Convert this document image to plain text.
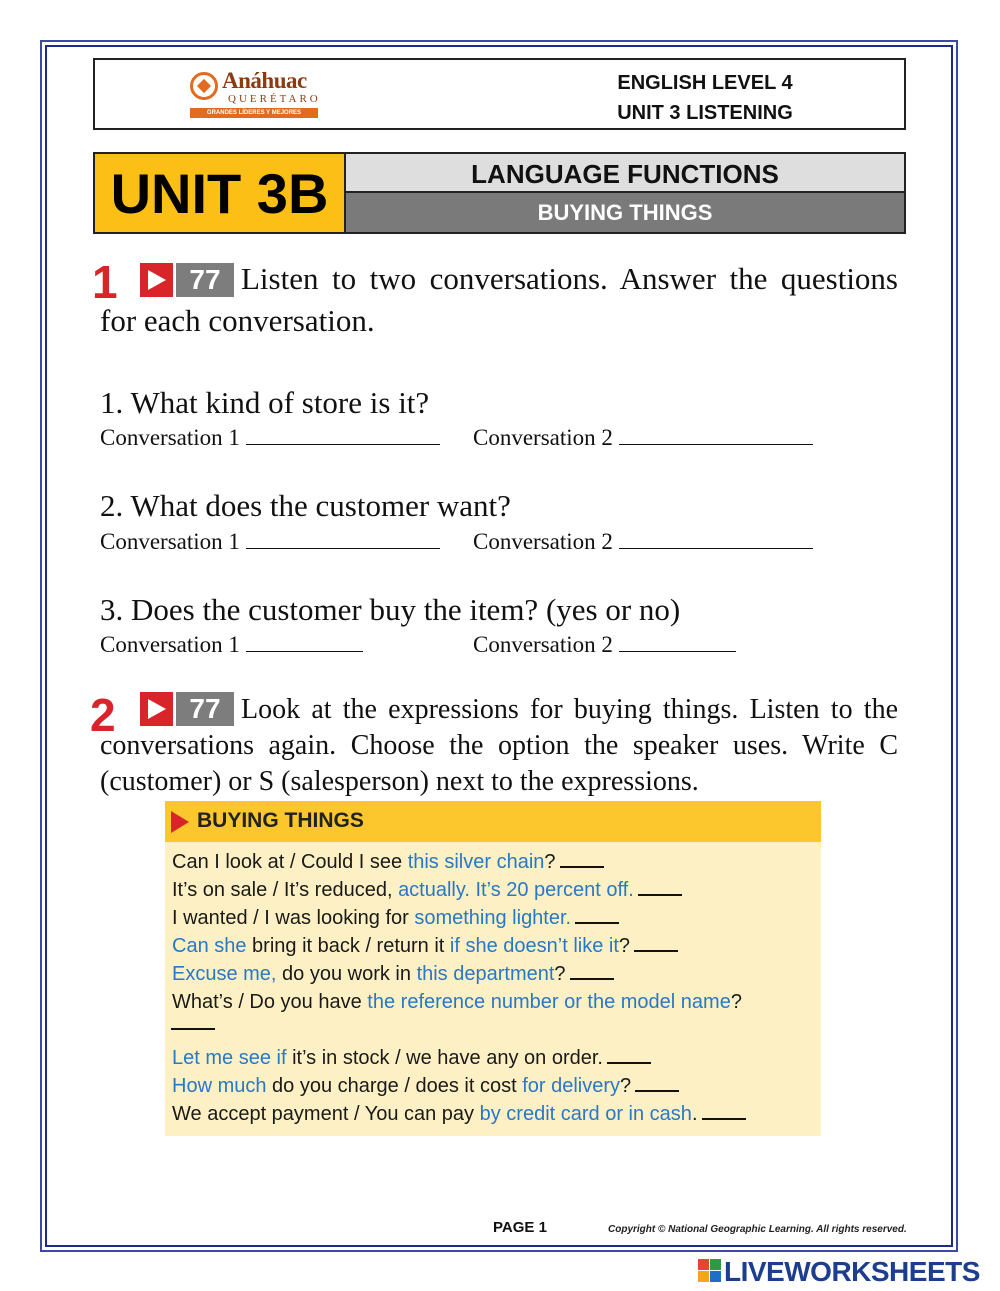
Anáhuac
QUERÉTARO
GRANDES LÍDERES Y MEJORES PERSONAS
ENGLISH LEVEL 4
UNIT 3 LISTENING
UNIT 3B	LANGUAGE FUNCTIONS
BUYING THINGS
1	77 Listen to two conversations. Answer the questions for each conversation.
1. What kind of store is it?
Conversation 1	Conversation 2
2. What does the customer want?
Conversation 1	Conversation 2
3. Does the customer buy the item? (yes or no)
Conversation 1	Conversation 2
2	77 Look at the expressions for buying things. Listen to the conversations again. Choose the option the speaker uses. Write C (customer) or S (salesperson) next to the expressions.
BUYING THINGS
Can I look at / Could I see this silver chain?
It’s on sale / It’s reduced, actually. It’s 20 percent off.
I wanted / I was looking for something lighter.
Can she bring it back / return it if she doesn’t like it?
Excuse me, do you work in this department?
What’s / Do you have the reference number or the model name?
Let me see if it’s in stock / we have any on order.
How much do you charge / does it cost for delivery?
We accept payment / You can pay by credit card or in cash.
PAGE 1	Copyright © National Geographic Learning. All rights reserved.
LIVEWORKSHEETS
